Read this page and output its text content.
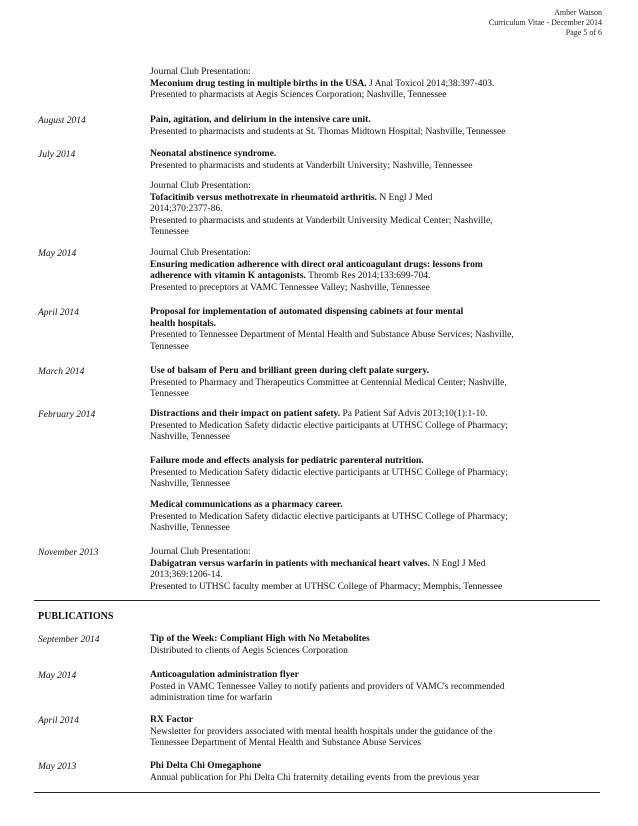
Amber Watson
Curriculum Vitae - December 2014
Page 5 of 6
Journal Club Presentation:
Meconium drug testing in multiple births in the USA. J Anal Toxicol 2014;38:397-403.
Presented to pharmacists at Aegis Sciences Corporation; Nashville, Tennessee
August 2014	Pain, agitation, and delirium in the intensive care unit.
Presented to pharmacists and students at St. Thomas Midtown Hospital; Nashville, Tennessee
July 2014	Neonatal abstinence syndrome.
Presented to pharmacists and students at Vanderbilt University; Nashville, Tennessee
Journal Club Presentation:
Tofacitinib versus methotrexate in rheumatoid arthritis. N Engl J Med
2014;370:2377-86.
Presented to pharmacists and students at Vanderbilt University Medical Center; Nashville,
Tennessee
May 2014	Journal Club Presentation:
Ensuring medication adherence with direct oral anticoagulant drugs: lessons from
adherence with vitamin K antagonists. Thromb Res 2014;133:699-704.
Presented to preceptors at VAMC Tennessee Valley; Nashville, Tennessee
April 2014	Proposal for implementation of automated dispensing cabinets at four mental
health hospitals.
Presented to Tennessee Department of Mental Health and Substance Abuse Services; Nashville,
Tennessee
March 2014	Use of balsam of Peru and brilliant green during cleft palate surgery.
Presented to Pharmacy and Therapeutics Committee at Centennial Medical Center; Nashville,
Tennessee
February 2014	Distractions and their impact on patient safety. Pa Patient Saf Advis 2013;10(1):1-10.
Presented to Medication Safety didactic elective participants at UTHSC College of Pharmacy;
Nashville, Tennessee
Failure mode and effects analysis for pediatric parenteral nutrition.
Presented to Medication Safety didactic elective participants at UTHSC College of Pharmacy;
Nashville, Tennessee
Medical communications as a pharmacy career.
Presented to Medication Safety didactic elective participants at UTHSC College of Pharmacy;
Nashville, Tennessee
November 2013	Journal Club Presentation:
Dabigatran versus warfarin in patients with mechanical heart valves. N Engl J Med
2013;369:1206-14.
Presented to UTHSC faculty member at UTHSC College of Pharmacy; Memphis, Tennessee
PUBLICATIONS
September 2014	Tip of the Week: Compliant High with No Metabolites
Distributed to clients of Aegis Sciences Corporation
May 2014	Anticoagulation administration flyer
Posted in VAMC Tennessee Valley to notify patients and providers of VAMC's recommended
administration time for warfarin
April 2014	RX Factor
Newsletter for providers associated with mental health hospitals under the guidance of the
Tennessee Department of Mental Health and Substance Abuse Services
May 2013	Phi Delta Chi Omegaphone
Annual publication for Phi Delta Chi fraternity detailing events from the previous year
